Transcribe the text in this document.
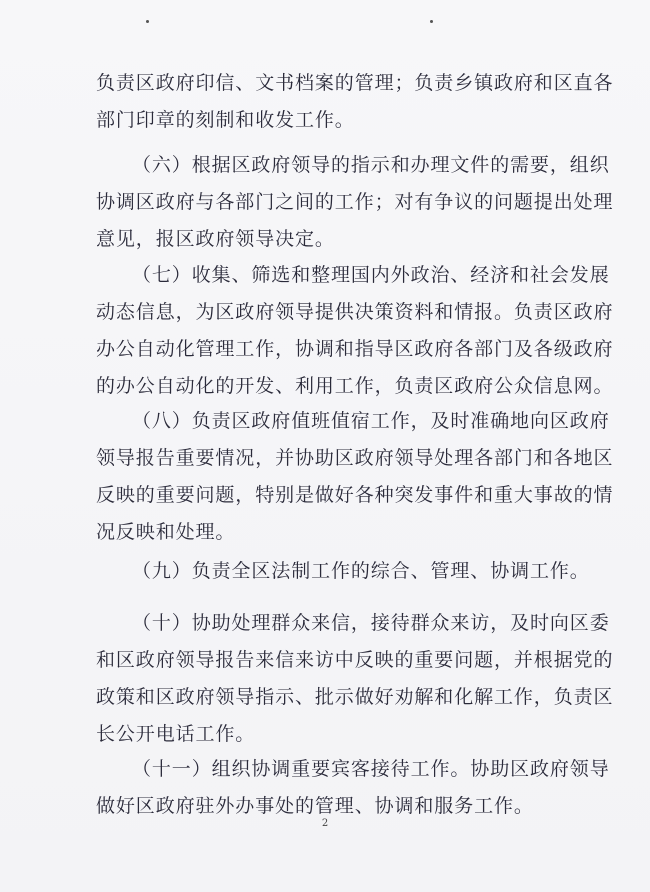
负责区政府印信、文书档案的管理；负责乡镇政府和区直各
部门印章的刻制和收发工作。

（六）根据区政府领导的指示和办理文件的需要，组织
协调区政府与各部门之间的工作；对有争议的问题提出处理
意见，报区政府领导决定。

（七）收集、筛选和整理国内外政治、经济和社会发展
动态信息，为区政府领导提供决策资料和情报。负责区政府
办公自动化管理工作，协调和指导区政府各部门及各级政府
的办公自动化的开发、利用工作，负责区政府公众信息网。

（八）负责区政府值班值宿工作，及时准确地向区政府
领导报告重要情况，并协助区政府领导处理各部门和各地区
反映的重要问题，特别是做好各种突发事件和重大事故的情
况反映和处理。

（九）负责全区法制工作的综合、管理、协调工作。

（十）协助处理群众来信，接待群众来访，及时向区委
和区政府领导报告来信来访中反映的重要问题，并根据党的
政策和区政府领导指示、批示做好劝解和化解工作，负责区
长公开电话工作。

（十一）组织协调重要宾客接待工作。协助区政府领导
做好区政府驻外办事处的管理、协调和服务工作。

2
